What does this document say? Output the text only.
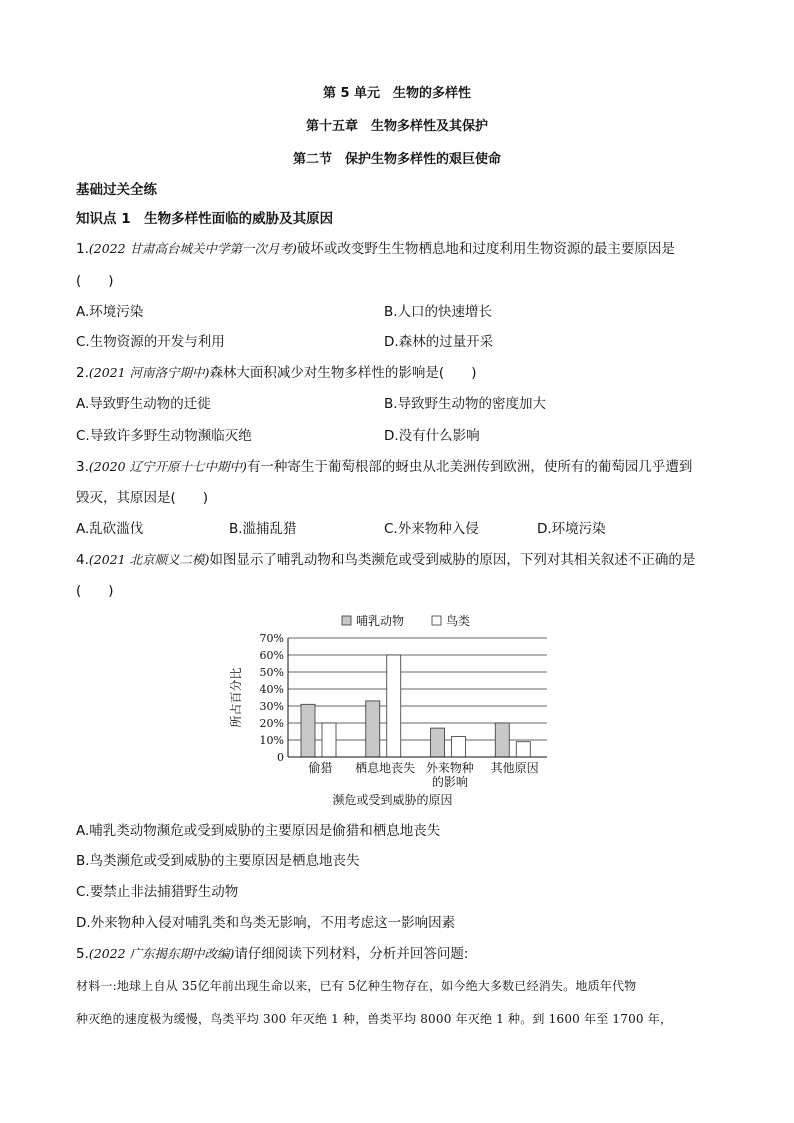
第 5 单元　生物的多样性
第十五章　生物多样性及其保护
第二节　保护生物多样性的艰巨使命
基础过关全练
知识点 1　生物多样性面临的威胁及其原因
1.(2022 甘肃高台城关中学第一次月考)破坏或改变野生生物栖息地和过度利用生物资源的最主要原因是
(　　)
A.环境污染	B.人口的快速增长
C.生物资源的开发与利用	D.森林的过量开采
2.(2021 河南洛宁期中)森林大面积减少对生物多样性的影响是(　　)
A.导致野生动物的迁徙	B.导致野生动物的密度加大
C.导致许多野生动物濒临灭绝	D.没有什么影响
3.(2020 辽宁开原十七中期中)有一种寄生于葡萄根部的蚜虫从北美洲传到欧洲，使所有的葡萄园几乎遭到
毁灭，其原因是(　　)
A.乱砍滥伐	B.滥捕乱猎	C.外来物种入侵	D.环境污染
4.(2021 北京顺义二模)如图显示了哺乳动物和鸟类濒危或受到威胁的原因，下列对其相关叙述不正确的是
(　　)
哺乳动物	鸟类
0
10%
20%
30%
40%
50%
60%
70%
所占百分比
偷猎 栖息地丧失 外来物种
的影响
其他原因
濒危或受到威胁的原因
A.哺乳类动物濒危或受到威胁的主要原因是偷猎和栖息地丧失
B.鸟类濒危或受到威胁的主要原因是栖息地丧失
C.要禁止非法捕猎野生动物
D.外来物种入侵对哺乳类和鸟类无影响，不用考虑这一影响因素
5.(2022 广东揭东期中改编)请仔细阅读下列材料，分析并回答问题:
材料一:地球上自从 35亿年前出现生命以来，已有 5亿种生物存在，如今绝大多数已经消失。地质年代物
种灭绝的速度极为缓慢，鸟类平均 300 年灭绝 1 种，兽类平均 8000 年灭绝 1 种。到 1600 年至 1700 年，
